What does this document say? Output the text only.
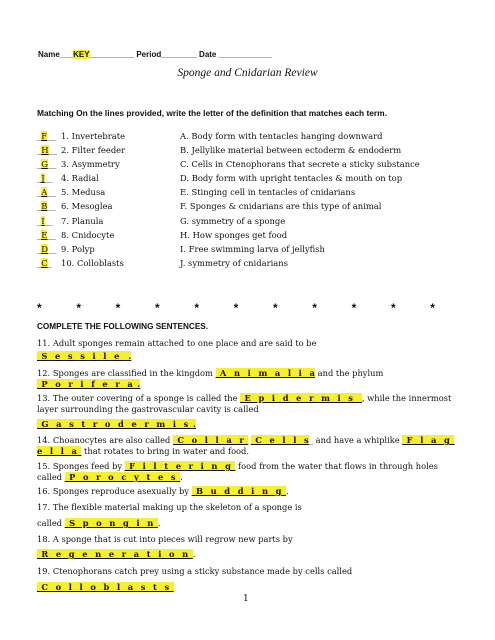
Name___KEY__________ Period________ Date ____________
Sponge and Cnidarian Review
Matching On the lines provided, write the letter of the definition that matches each term.
_F__ 1. Invertebrate	A. Body form with tentacles hanging downward
_H__ 2. Filter feeder	B. Jellylike material between ectoderm & endoderm
_G__ 3. Asymmetry	C. Cells in Ctenophorans that secrete a sticky substance
_J__ 4. Radial	D. Body form with upright tentacles & mouth on top
_A__ 5. Medusa	E. Stinging cell in tentacles of cnidarians
_B__ 6. Mesoglea	F. Sponges & cnidarians are this type of animal
_I__ 7. Planula	G. symmetry of a sponge
_E__ 8. Cnidocyte	H. How sponges get food
_D__ 9. Polyp	I. Free swimming larva of jellyfish
_C_ 10. Colloblasts	J. symmetry of cnidarians
*	*	*	*	*	*	*	*	*	*	*
COMPLETE THE FOLLOWING SENTENCES.
11. Adult sponges remain attached to one place and are said to be
_S_ e_ s_ s_ i_ l_ e__.
12. Sponges are classified in the kingdom _A_ n_ i_ m_ a_ l_ i_ a and the phylum
_P_ o_ r_ i_ f_ e_ r_ a_.
13. The outer covering of a sponge is called the _E_ p_ i_ d_ e_ r_ m_ i_ s__, while the innermost layer surrounding the gastrovascular cavity is called
_G_ a_ s_ t_ r_ o_ d_ e_ r_ m_ i_ s_.
14. Choanocytes are also called _C_ o_ l_ l_ a_ r_ _C_ e_ l_ l_ s_ and have a whiplike _F_ l_ a_ g_ e_ l_ l_ a_ that rotates to bring in water and food.
15. Sponges feed by _F_ i_ l_ t_ e_ r_ i_ n_ g_ food from the water that flows in through holes called _P_ o_ r_ o_ c_ y_ t_ e_ s_.
16. Sponges reproduce asexually by _B_ u_ d_ d_ i_ n_ g_.
17. The flexible material making up the skeleton of a sponge is
called _S_ p_ o_ n_ g_ i_ n_.
18. A sponge that is cut into pieces will regrow new parts by
_R_ e_ g_ e_ n_ e_ r_ a_ t_ i_ o_ n_.
19. Ctenophorans catch prey using a sticky substance made by cells called
_C_ o_ l_ l_ o_ b_ l_ a_ s_ t_ s_
1
